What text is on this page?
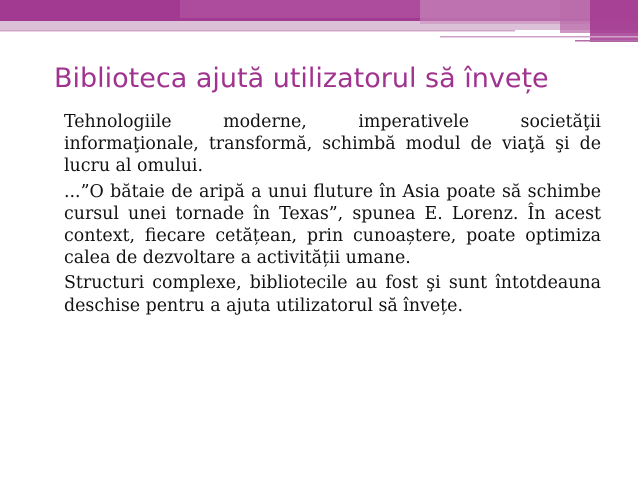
Biblioteca ajută utilizatorul să învețe

Tehnologiile moderne, imperativele societăţii informaţionale, transformă, schimbă modul de viaţă şi de lucru al omului.

...”O bătaie de aripă a unui fluture în Asia poate să schimbe cursul unei tornade în Texas”, spunea E. Lorenz. În acest context, fiecare cetățean, prin cunoaștere, poate optimiza calea de dezvoltare a activității umane.

Structuri complexe, bibliotecile au fost şi sunt întotdeauna deschise pentru a ajuta utilizatorul să învețe.
